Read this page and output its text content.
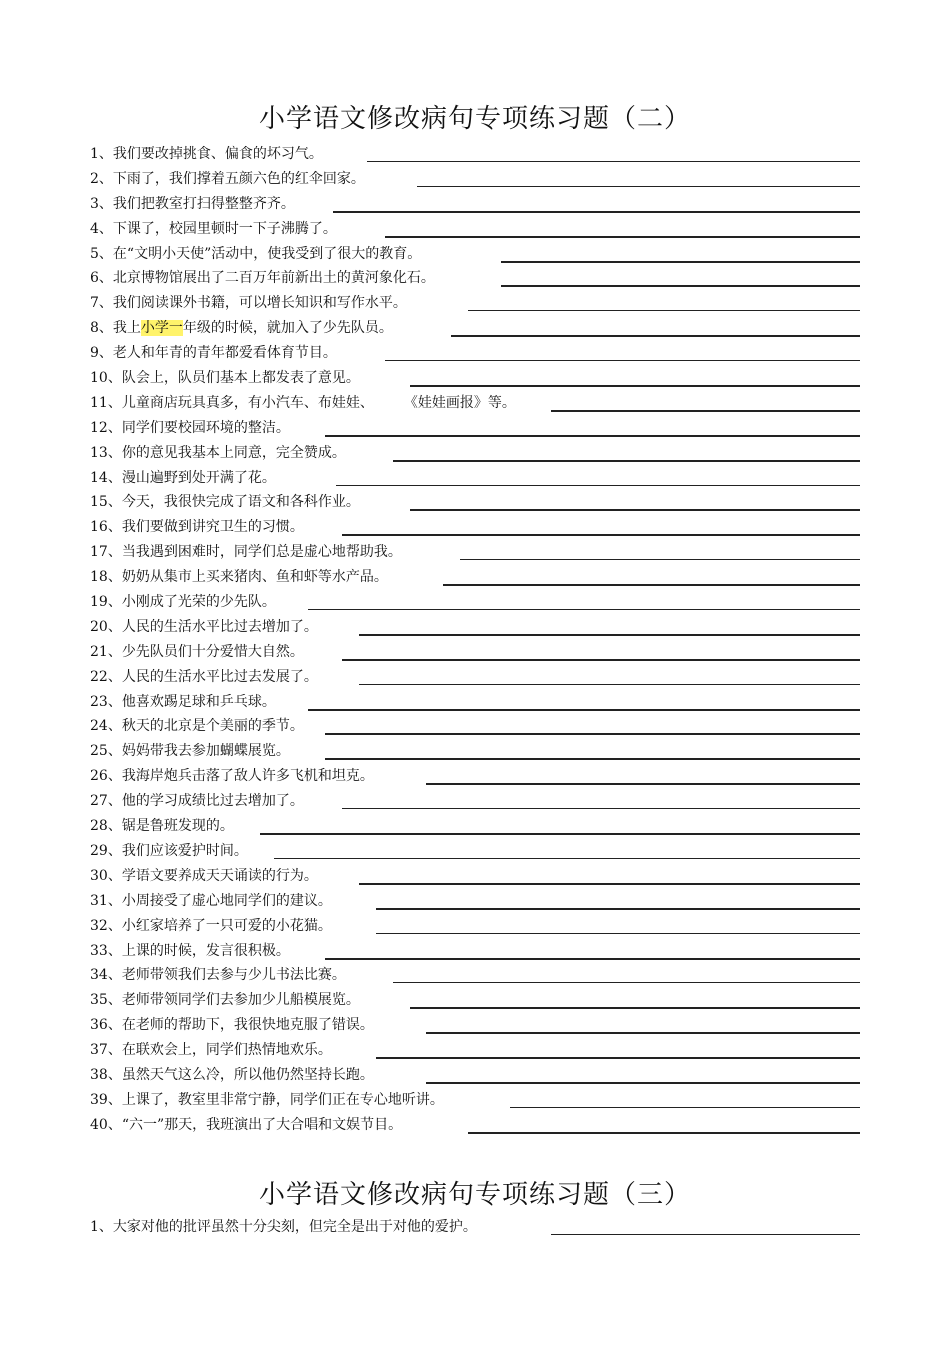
小学语文修改病句专项练习题（二）
1、我们要改掉挑食、偏食的坏习气。
2、下雨了，我们撑着五颜六色的红伞回家。
3、我们把教室打扫得整整齐齐。
4、下课了，校园里顿时一下子沸腾了。
5、在“文明小天使”活动中，使我受到了很大的教育。
6、北京博物馆展出了二百万年前新出土的黄河象化石。
7、我们阅读课外书籍，可以增长知识和写作水平。
8、我上小学一年级的时候，就加入了少先队员。
9、老人和年青的青年都爱看体育节目。
10、队会上，队员们基本上都发表了意见。
11、儿童商店玩具真多，有小汽车、布娃娃、 《娃娃画报》等。
12、同学们要校园环境的整洁。
13、你的意见我基本上同意，完全赞成。
14、漫山遍野到处开满了花。
15、今天，我很快完成了语文和各科作业。
16、我们要做到讲究卫生的习惯。
17、当我遇到困难时，同学们总是虚心地帮助我。
18、奶奶从集市上买来猪肉、鱼和虾等水产品。
19、小刚成了光荣的少先队。
20、人民的生活水平比过去增加了。
21、少先队员们十分爱惜大自然。
22、人民的生活水平比过去发展了。
23、他喜欢踢足球和乒乓球。
24、秋天的北京是个美丽的季节。
25、妈妈带我去参加蝴蝶展览。
26、我海岸炮兵击落了敌人许多飞机和坦克。
27、他的学习成绩比过去增加了。
28、锯是鲁班发现的。
29、我们应该爱护时间。
30、学语文要养成天天诵读的行为。
31、小周接受了虚心地同学们的建议。
32、小红家培养了一只可爱的小花猫。
33、上课的时候，发言很积极。
34、老师带领我们去参与少儿书法比赛。
35、老师带领同学们去参加少儿船模展览。
36、在老师的帮助下，我很快地克服了错误。
37、在联欢会上，同学们热情地欢乐。
38、虽然天气这么冷，所以他仍然坚持长跑。
39、上课了，教室里非常宁静，同学们正在专心地听讲。
40、“六一”那天，我班演出了大合唱和文娱节目。
小学语文修改病句专项练习题（三）
1、大家对他的批评虽然十分尖刻，但完全是出于对他的爱护。
